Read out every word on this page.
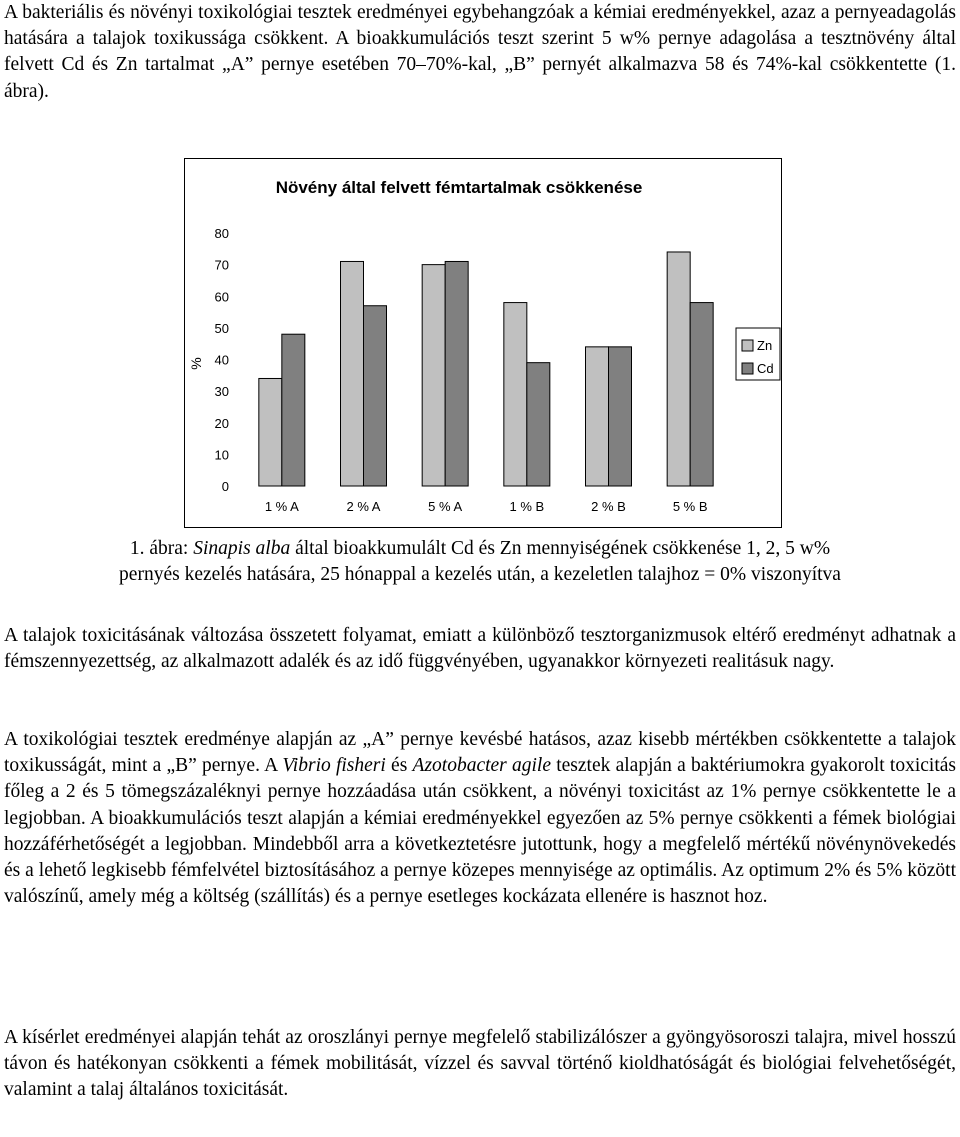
A bakteriális és növényi toxikológiai tesztek eredményei egybehangzóak a kémiai eredményekkel, azaz a pernyeadagolás hatására a talajok toxikussága csökkent. A bioakkumulációs teszt szerint 5 w% pernye adagolása a tesztnövény által felvett Cd és Zn tartalmat „A” pernye esetében 70–70%-kal, „B” pernyét alkalmazva 58 és 74%-kal csökkentette (1. ábra).

Növény által felvett fémtartalmak csökkenése
%
0
10
20
30
40
50
60
70
80
1 % A	2 % A	5 % A	1 % B	2 % B	5 % B
Zn
Cd

1. ábra: Sinapis alba által bioakkumulált Cd és Zn mennyiségének csökkenése 1, 2, 5 w%
pernyés kezelés hatására, 25 hónappal a kezelés után, a kezeletlen talajhoz = 0% viszonyítva

A talajok toxicitásának változása összetett folyamat, emiatt a különböző tesztorganizmusok eltérő eredményt adhatnak a fémszennyezettség, az alkalmazott adalék és az idő függvényében, ugyanakkor környezeti realitásuk nagy.

A toxikológiai tesztek eredménye alapján az „A” pernye kevésbé hatásos, azaz kisebb mértékben csökkentette a talajok toxikusságát, mint a „B” pernye. A Vibrio fisheri és Azotobacter agile tesztek alapján a baktériumokra gyakorolt toxicitás főleg a 2 és 5 tömegszázaléknyi pernye hozzáadása után csökkent, a növényi toxicitást az 1% pernye csökkentette le a legjobban. A bioakkumulációs teszt alapján a kémiai eredményekkel egyezően az 5% pernye csökkenti a fémek biológiai hozzáférhetőségét a legjobban. Mindebből arra a következtetésre jutottunk, hogy a megfelelő mértékű növénynövekedés és a lehető legkisebb fémfelvétel biztosításához a pernye közepes mennyisége az optimális. Az optimum 2% és 5% között valószínű, amely még a költség (szállítás) és a pernye esetleges kockázata ellenére is hasznot hoz.

A kísérlet eredményei alapján tehát az oroszlányi pernye megfelelő stabilizálószer a gyöngyösoroszi talajra, mivel hosszú távon és hatékonyan csökkenti a fémek mobilitását, vízzel és savval történő kioldhatóságát és biológiai felvehetőségét, valamint a talaj általános toxicitását.
